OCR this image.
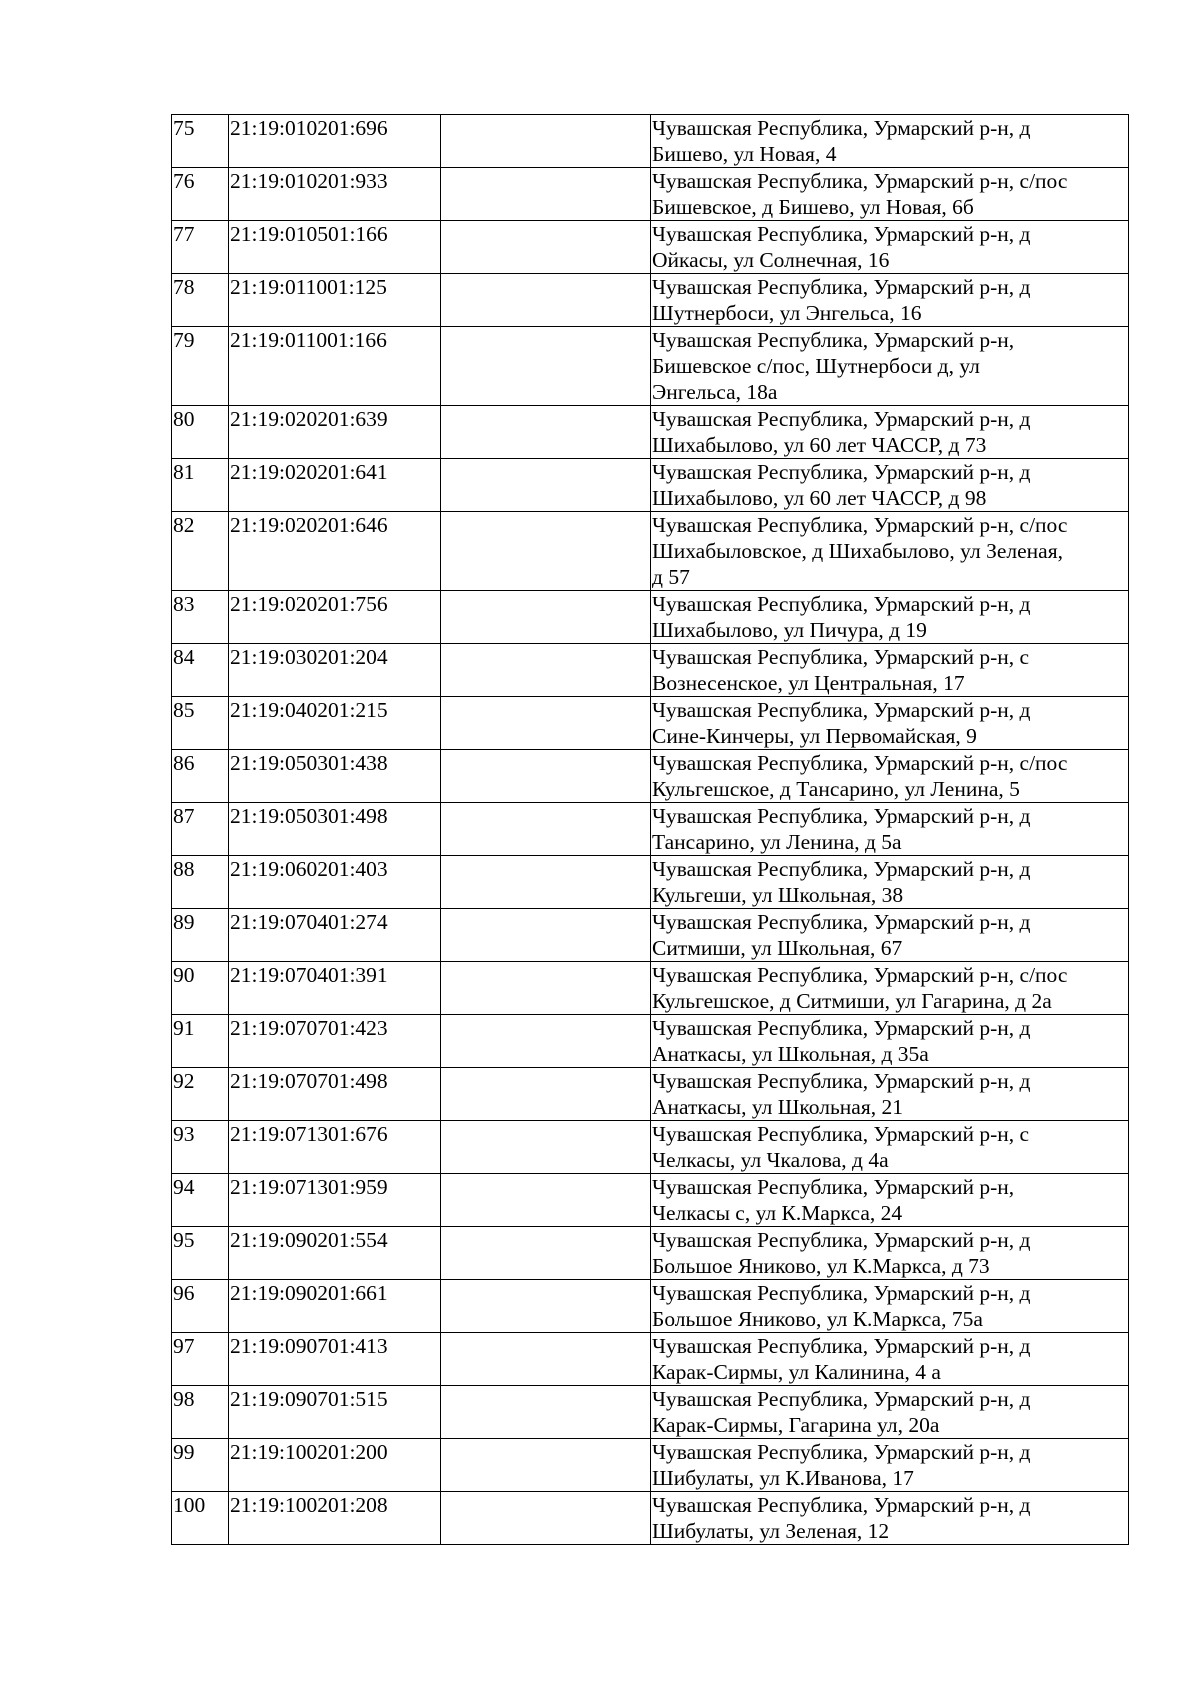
75	21:19:010201:696		Чувашская Республика, Урмарский р-н, д
Бишево, ул Новая, 4
76	21:19:010201:933		Чувашская Республика, Урмарский р-н, с/пос
Бишевское, д Бишево, ул Новая, 6б
77	21:19:010501:166		Чувашская Республика, Урмарский р-н, д
Ойкасы, ул Солнечная, 16
78	21:19:011001:125		Чувашская Республика, Урмарский р-н, д
Шутнербоси, ул Энгельса, 16
79	21:19:011001:166		Чувашская Республика, Урмарский р-н,
Бишевское с/пос, Шутнербоси д, ул
Энгельса, 18а
80	21:19:020201:639		Чувашская Республика, Урмарский р-н, д
Шихабылово, ул 60 лет ЧАССР, д 73
81	21:19:020201:641		Чувашская Республика, Урмарский р-н, д
Шихабылово, ул 60 лет ЧАССР, д 98
82	21:19:020201:646		Чувашская Республика, Урмарский р-н, с/пос
Шихабыловское, д Шихабылово, ул Зеленая,
д 57
83	21:19:020201:756		Чувашская Республика, Урмарский р-н, д
Шихабылово, ул Пичура, д 19
84	21:19:030201:204		Чувашская Республика, Урмарский р-н, с
Вознесенское, ул Центральная, 17
85	21:19:040201:215		Чувашская Республика, Урмарский р-н, д
Сине-Кинчеры, ул Первомайская, 9
86	21:19:050301:438		Чувашская Республика, Урмарский р-н, с/пос
Кульгешское, д Тансарино, ул Ленина, 5
87	21:19:050301:498		Чувашская Республика, Урмарский р-н, д
Тансарино, ул Ленина, д 5а
88	21:19:060201:403		Чувашская Республика, Урмарский р-н, д
Кульгеши, ул Школьная, 38
89	21:19:070401:274		Чувашская Республика, Урмарский р-н, д
Ситмиши, ул Школьная, 67
90	21:19:070401:391		Чувашская Республика, Урмарский р-н, с/пос
Кульгешское, д Ситмиши, ул Гагарина, д 2а
91	21:19:070701:423		Чувашская Республика, Урмарский р-н, д
Анаткасы, ул Школьная, д 35а
92	21:19:070701:498		Чувашская Республика, Урмарский р-н, д
Анаткасы, ул Школьная, 21
93	21:19:071301:676		Чувашская Республика, Урмарский р-н, с
Челкасы, ул Чкалова, д 4а
94	21:19:071301:959		Чувашская Республика, Урмарский р-н,
Челкасы с, ул К.Маркса, 24
95	21:19:090201:554		Чувашская Республика, Урмарский р-н, д
Большое Яниково, ул К.Маркса, д 73
96	21:19:090201:661		Чувашская Республика, Урмарский р-н, д
Большое Яниково, ул К.Маркса, 75а
97	21:19:090701:413		Чувашская Республика, Урмарский р-н, д
Карак-Сирмы, ул Калинина, 4 а
98	21:19:090701:515		Чувашская Республика, Урмарский р-н, д
Карак-Сирмы, Гагарина ул, 20а
99	21:19:100201:200		Чувашская Республика, Урмарский р-н, д
Шибулаты, ул К.Иванова, 17
100	21:19:100201:208		Чувашская Республика, Урмарский р-н, д
Шибулаты, ул Зеленая, 12
